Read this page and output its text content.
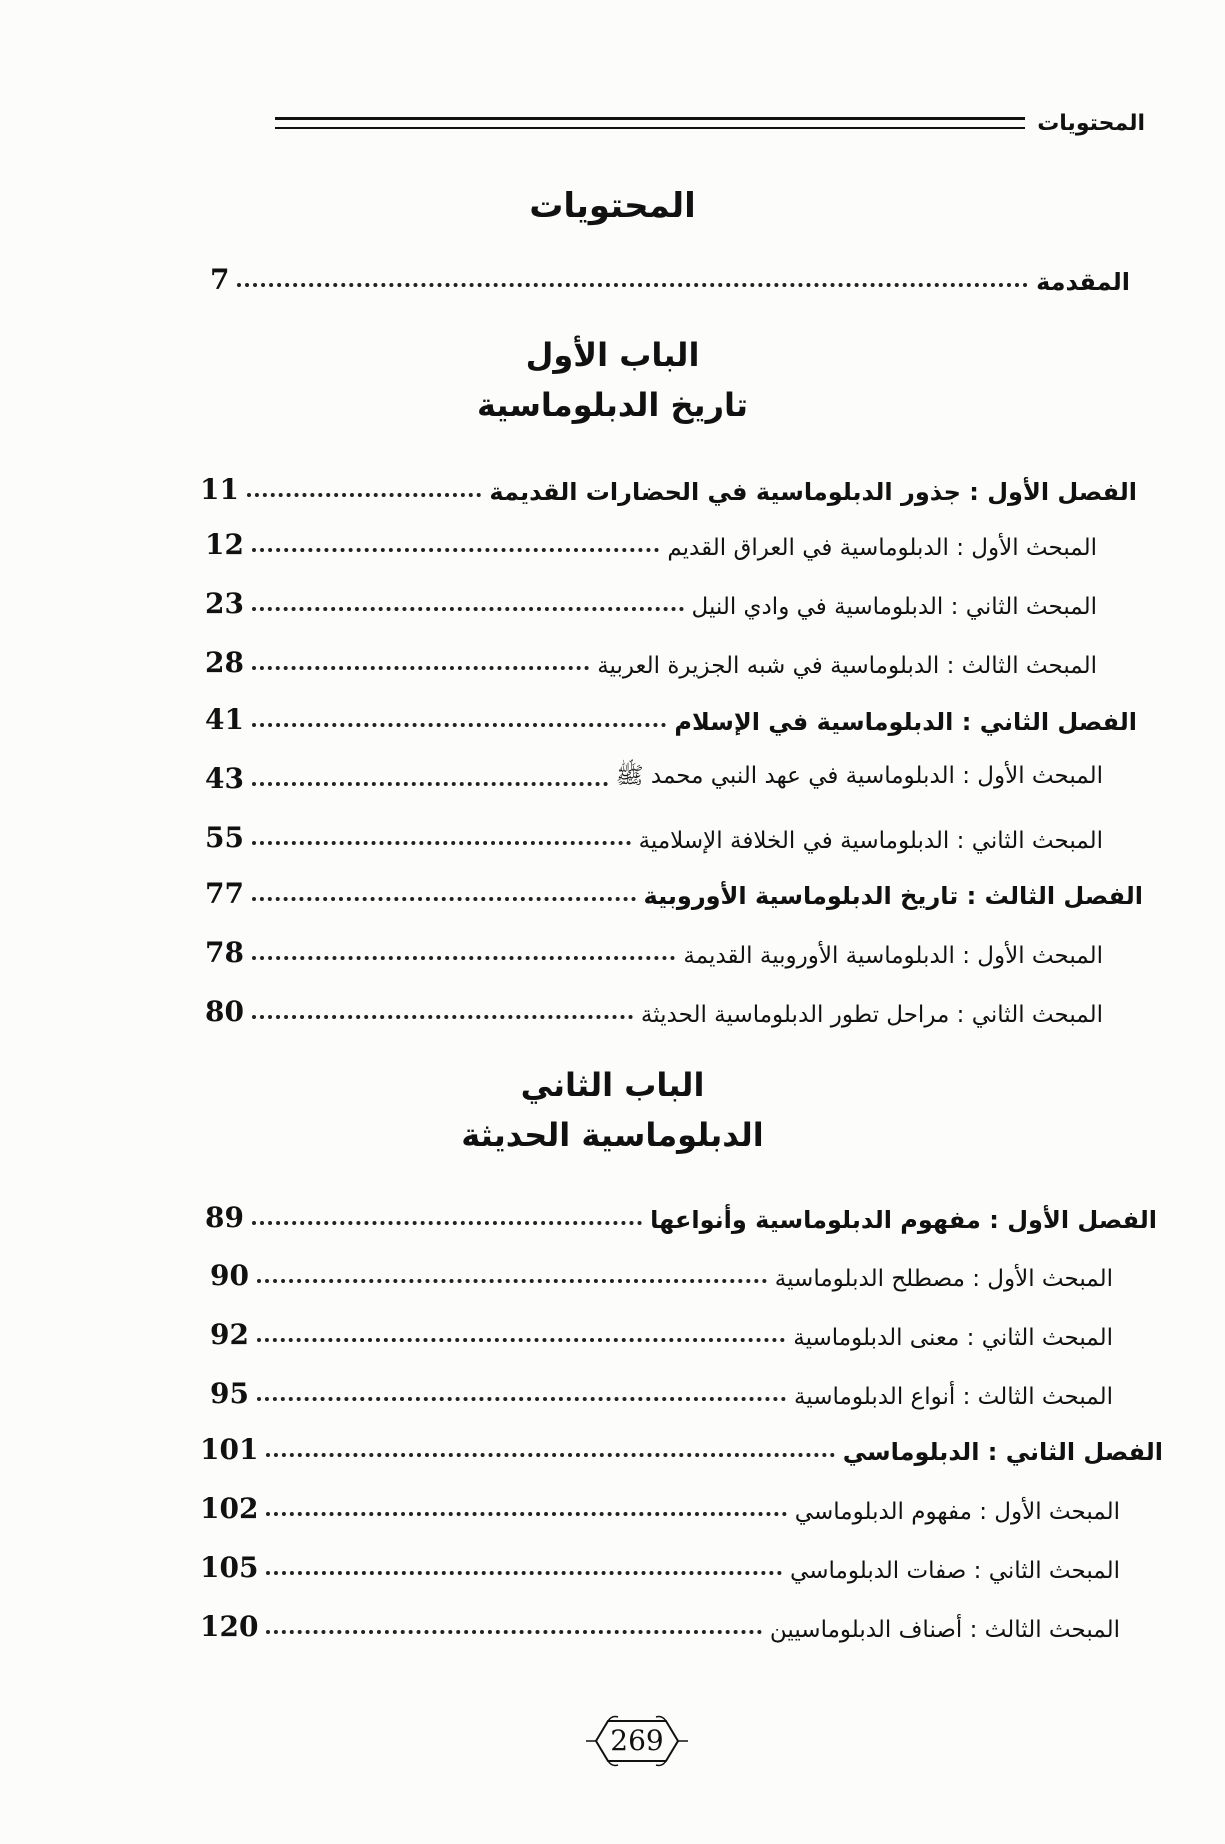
المحتويات
المحتويات
المقدمة
7
الباب الأول
تاريخ الدبلوماسية
الفصل الأول : جذور الدبلوماسية في الحضارات القديمة
11
المبحث الأول : الدبلوماسية في العراق القديم
12
المبحث الثاني : الدبلوماسية في وادي النيل
23
المبحث الثالث : الدبلوماسية في شبه الجزيرة العربية
28
الفصل الثاني : الدبلوماسية في الإسلام
41
المبحث الأول : الدبلوماسية في عهد النبي محمد ﷺ
43
المبحث الثاني : الدبلوماسية في الخلافة الإسلامية
55
الفصل الثالث : تاريخ الدبلوماسية الأوروبية
77
المبحث الأول : الدبلوماسية الأوروبية القديمة
78
المبحث الثاني : مراحل تطور الدبلوماسية الحديثة
80
الباب الثاني
الدبلوماسية الحديثة
الفصل الأول : مفهوم الدبلوماسية وأنواعها
89
المبحث الأول : مصطلح الدبلوماسية
90
المبحث الثاني : معنى الدبلوماسية
92
المبحث الثالث : أنواع الدبلوماسية
95
الفصل الثاني : الدبلوماسي
101
المبحث الأول : مفهوم الدبلوماسي
102
المبحث الثاني : صفات الدبلوماسي
105
المبحث الثالث : أصناف الدبلوماسيين
120
269
